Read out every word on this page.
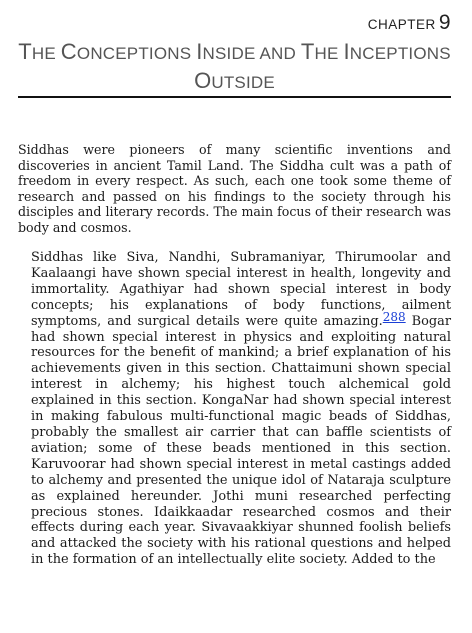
CHAPTER 9
THE CONCEPTIONS INSIDE AND THE INCEPTIONS
OUTSIDE

Siddhas were pioneers of many scientific inventions and discoveries in ancient Tamil Land. The Siddha cult was a path of freedom in every respect. As such, each one took some theme of research and passed on his findings to the society through his disciples and literary records. The main focus of their research was body and cosmos.

Siddhas like Siva, Nandhi, Subramaniyar, Thirumoolar and Kaalaangi have shown special interest in health, longevity and immortality. Agathiyar had shown special interest in body concepts; his explanations of body functions, ailment symptoms, and surgical details were quite amazing.288 Bogar had shown special interest in physics and exploiting natural resources for the benefit of mankind; a brief explanation of his achievements given in this section. Chattaimuni shown special interest in alchemy; his highest touch alchemical gold explained in this section. KongaNar had shown special interest in making fabulous multi-functional magic beads of Siddhas, probably the smallest air carrier that can baffle scientists of aviation; some of these beads mentioned in this section. Karuvoorar had shown special interest in metal castings added to alchemy and presented the unique idol of Nataraja sculpture as explained hereunder. Jothi muni researched perfecting precious stones. Idaikkaadar researched cosmos and their effects during each year. Sivavaakkiyar shunned foolish beliefs and attacked the society with his rational questions and helped in the formation of an intellectually elite society. Added to the
